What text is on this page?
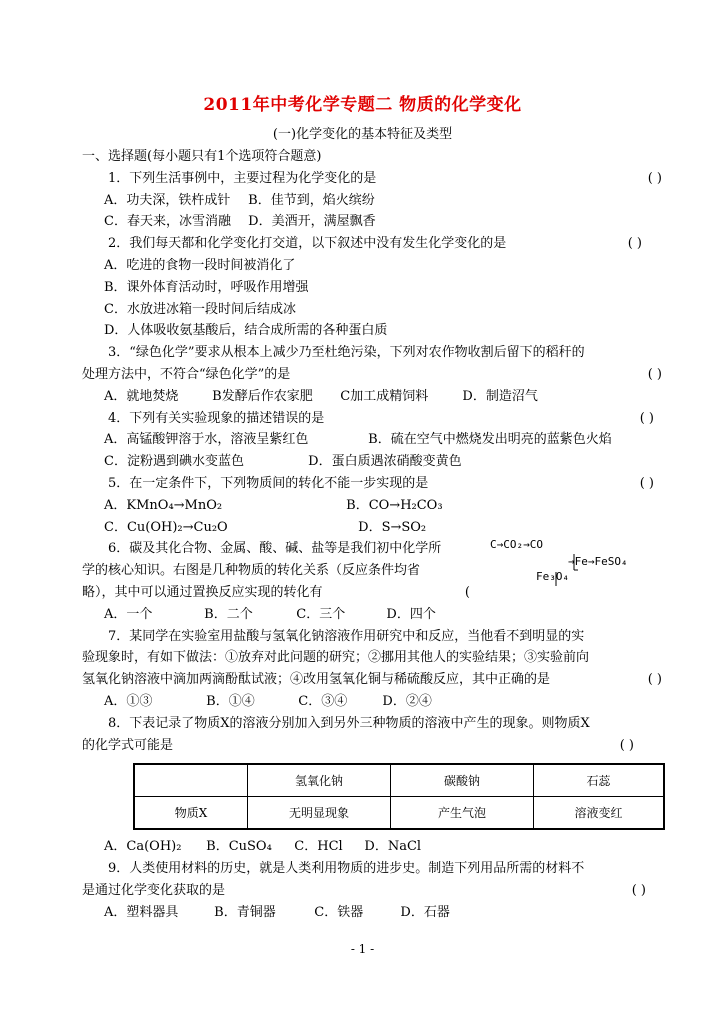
2011年中考化学专题二 物质的化学变化
(一)化学变化的基本特征及类型
一、选择题(每小题只有1个选项符合题意)
1．下列生活事例中，主要过程为化学变化的是	( )
A．功夫深，铁杵成针 B．佳节到，焰火缤纷
C．春天来，冰雪消融 D．美酒开，满屋飘香
2．我们每天都和化学变化打交道，以下叙述中没有发生化学变化的是	( )
A．吃进的食物一段时间被消化了
B．课外体育活动时，呼吸作用增强
C．水放进冰箱一段时间后结成冰
D．人体吸收氨基酸后，结合成所需的各种蛋白质
3．“绿色化学”要求从根本上减少乃至杜绝污染，下列对农作物收割后留下的稻秆的
处理方法中，不符合“绿色化学”的是	( )
A．就地焚烧	B发酵后作农家肥 C加工成精饲料	D．制造沼气
4．下列有关实验现象的描述错误的是	( )
A．高锰酸钾溶于水，溶液呈紫红色	B．硫在空气中燃烧发出明亮的蓝紫色火焰
C．淀粉遇到碘水变蓝色	D．蛋白质遇浓硝酸变黄色
5．在一定条件下，下列物质间的转化不能一步实现的是	( )
A．KMnO₄→MnO₂	B．CO→H₂CO₃
C．Cu(OH)₂→Cu₂O	D．S→SO₂
6．碳及其化合物、金属、酸、碱、盐等是我们初中化学所
学的核心知识。右图是几种物质的转化关系（反应条件均省
略），其中可以通过置换反应实现的转化有	(
A．一个	B．二个	C．三个	D．四个
7．某同学在实验室用盐酸与氢氧化钠溶液作用研究中和反应，当他看不到明显的实
验现象时，有如下做法：①放弃对此问题的研究；②挪用其他人的实验结果；③实验前向
氢氧化钠溶液中滴加两滴酚酞试液；④改用氢氧化铜与稀硫酸反应，其中正确的是	( )
A．①③	B．①④	C．③④	D．②④
8．下表记录了物质X的溶液分别加入到另外三种物质的溶液中产生的现象。则物质X
的化学式可能是	( )
A．Ca(OH)₂ B．CuSO₄ C．HCl D．NaCl
9．人类使用材料的历史，就是人类利用物质的进步史。制造下列用品所需的材料不
是通过化学变化获取的是	( )
A．塑料器具	B．青铜器	C．铁器	D．石器
C→CO₂→CO
→Fe→FeSO₄
Fe₃O₄
	氢氧化钠	碳酸钠	石蕊
物质X	无明显现象	产生气泡	溶液变红
- 1 -
